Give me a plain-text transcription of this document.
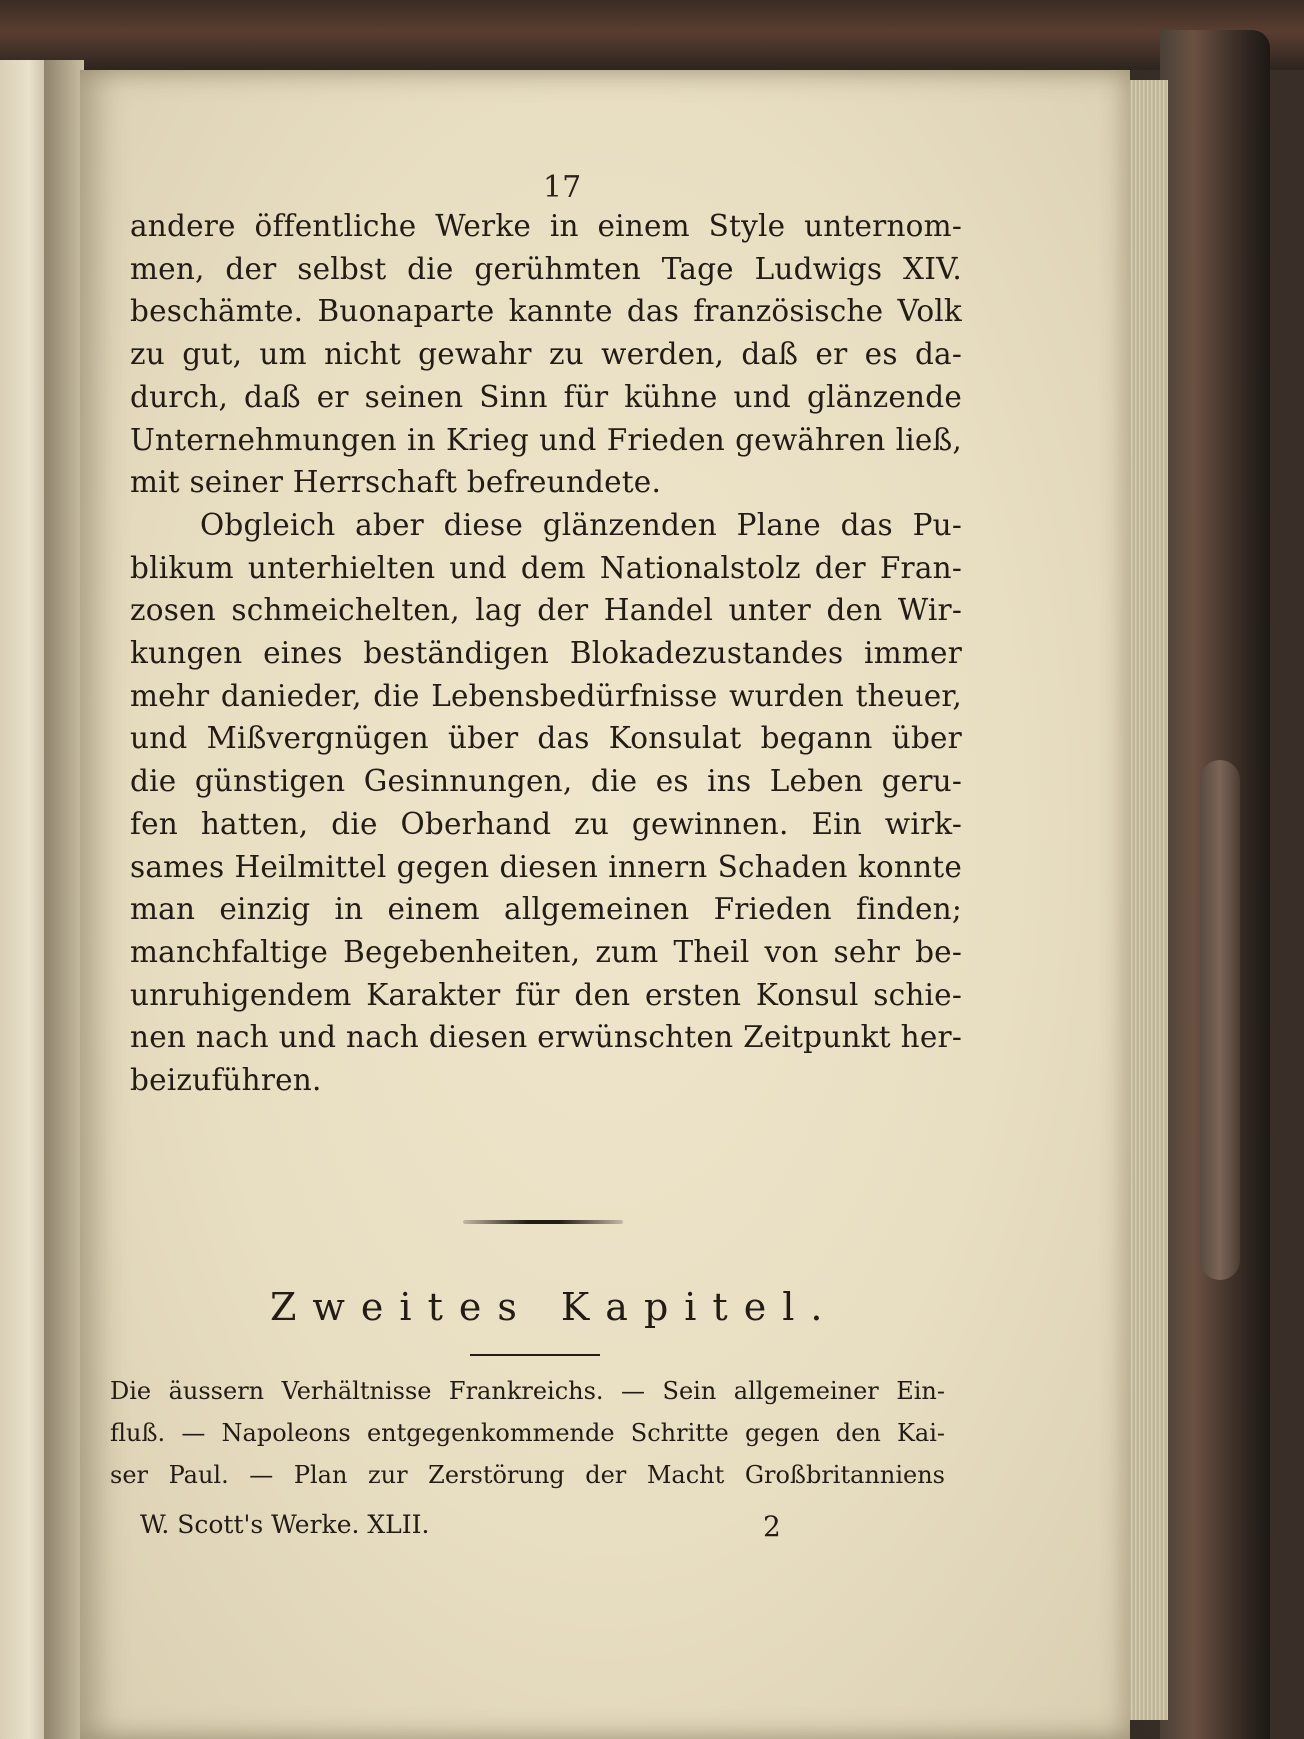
17
andere öffentliche Werke in einem Style unternom-
men, der selbst die gerühmten Tage Ludwigs XIV.
beschämte. Buonaparte kannte das französische Volk
zu gut, um nicht gewahr zu werden, daß er es da-
durch, daß er seinen Sinn für kühne und glänzende
Unternehmungen in Krieg und Frieden gewähren ließ,
mit seiner Herrschaft befreundete.
Obgleich aber diese glänzenden Plane das Pu-
blikum unterhielten und dem Nationalstolz der Fran-
zosen schmeichelten, lag der Handel unter den Wir-
kungen eines beständigen Blokadezustandes immer
mehr danieder, die Lebensbedürfnisse wurden theuer,
und Mißvergnügen über das Konsulat begann über
die günstigen Gesinnungen, die es ins Leben geru-
fen hatten, die Oberhand zu gewinnen. Ein wirk-
sames Heilmittel gegen diesen innern Schaden konnte
man einzig in einem allgemeinen Frieden finden;
manchfaltige Begebenheiten, zum Theil von sehr be-
unruhigendem Karakter für den ersten Konsul schie-
nen nach und nach diesen erwünschten Zeitpunkt her-
beizuführen.
Zweites Kapitel.
Die äussern Verhältnisse Frankreichs. — Sein allgemeiner Ein-
fluß. — Napoleons entgegenkommende Schritte gegen den Kai-
ser Paul. — Plan zur Zerstörung der Macht Großbritanniens
W. Scott's Werke. XLII.	2
